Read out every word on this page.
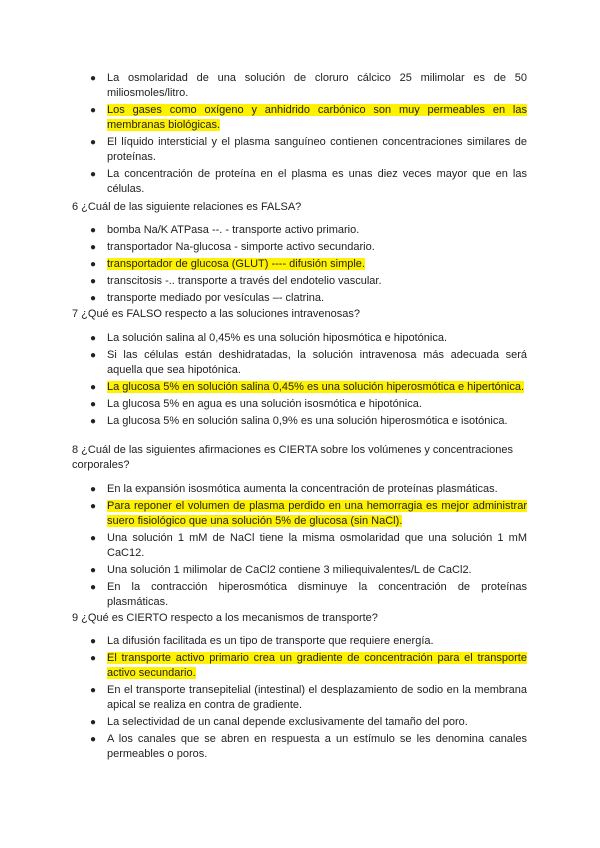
● La osmolaridad de una solución de cloruro cálcico 25 milimolar es de 50 miliosmoles/litro.
● Los gases como oxígeno y anhidrido carbónico son muy permeables en las membranas biológicas.
● El líquido intersticial y el plasma sanguíneo contienen concentraciones similares de proteínas.
● La concentración de proteína en el plasma es unas diez veces mayor que en las células.

6 ¿Cuál de las siguiente relaciones es FALSA?

● bomba Na/K ATPasa --. - transporte activo primario.
● transportador Na-glucosa - simporte activo secundario.
● transportador de glucosa (GLUT) ---- difusión simple.
● transcitosis -.. transporte a través del endotelio vascular.
● transporte mediado por vesículas –- clatrina.

7 ¿Qué es FALSO respecto a las soluciones intravenosas?

● La solución salina al 0,45% es una solución hiposmótica e hipotónica.
● Si las células están deshidratadas, la solución intravenosa más adecuada será aquella que sea hipotónica.
● La glucosa 5% en solución salina 0,45% es una solución hiperosmótica e hipertónica.
● La glucosa 5% en agua es una solución isosmótica e hipotónica.
● La glucosa 5% en solución salina 0,9% es una solución hiperosmótica e isotónica.

8 ¿Cuál de las siguientes afirmaciones es CIERTA sobre los volúmenes y concentraciones corporales?

● En la expansión isosmótica aumenta la concentración de proteínas plasmáticas.
● Para reponer el volumen de plasma perdido en una hemorragia es mejor administrar suero fisiológico que una solución 5% de glucosa (sin NaCl).
● Una solución 1 mM de NaCl tiene la misma osmolaridad que una solución 1 mM CaC12.
● Una solución 1 milimolar de CaCl2 contiene 3 miliequivalentes/L de CaCl2.
● En la contracción hiperosmótica disminuye la concentración de proteínas plasmáticas.

9 ¿Qué es CIERTO respecto a los mecanismos de transporte?

● La difusión facilitada es un tipo de transporte que requiere energía.
● El transporte activo primario crea un gradiente de concentración para el transporte activo secundario.
● En el transporte transepitelial (intestinal) el desplazamiento de sodio en la membrana apical se realiza en contra de gradiente.
● La selectividad de un canal depende exclusivamente del tamaño del poro.
● A los canales que se abren en respuesta a un estímulo se les denomina canales permeables o poros.
